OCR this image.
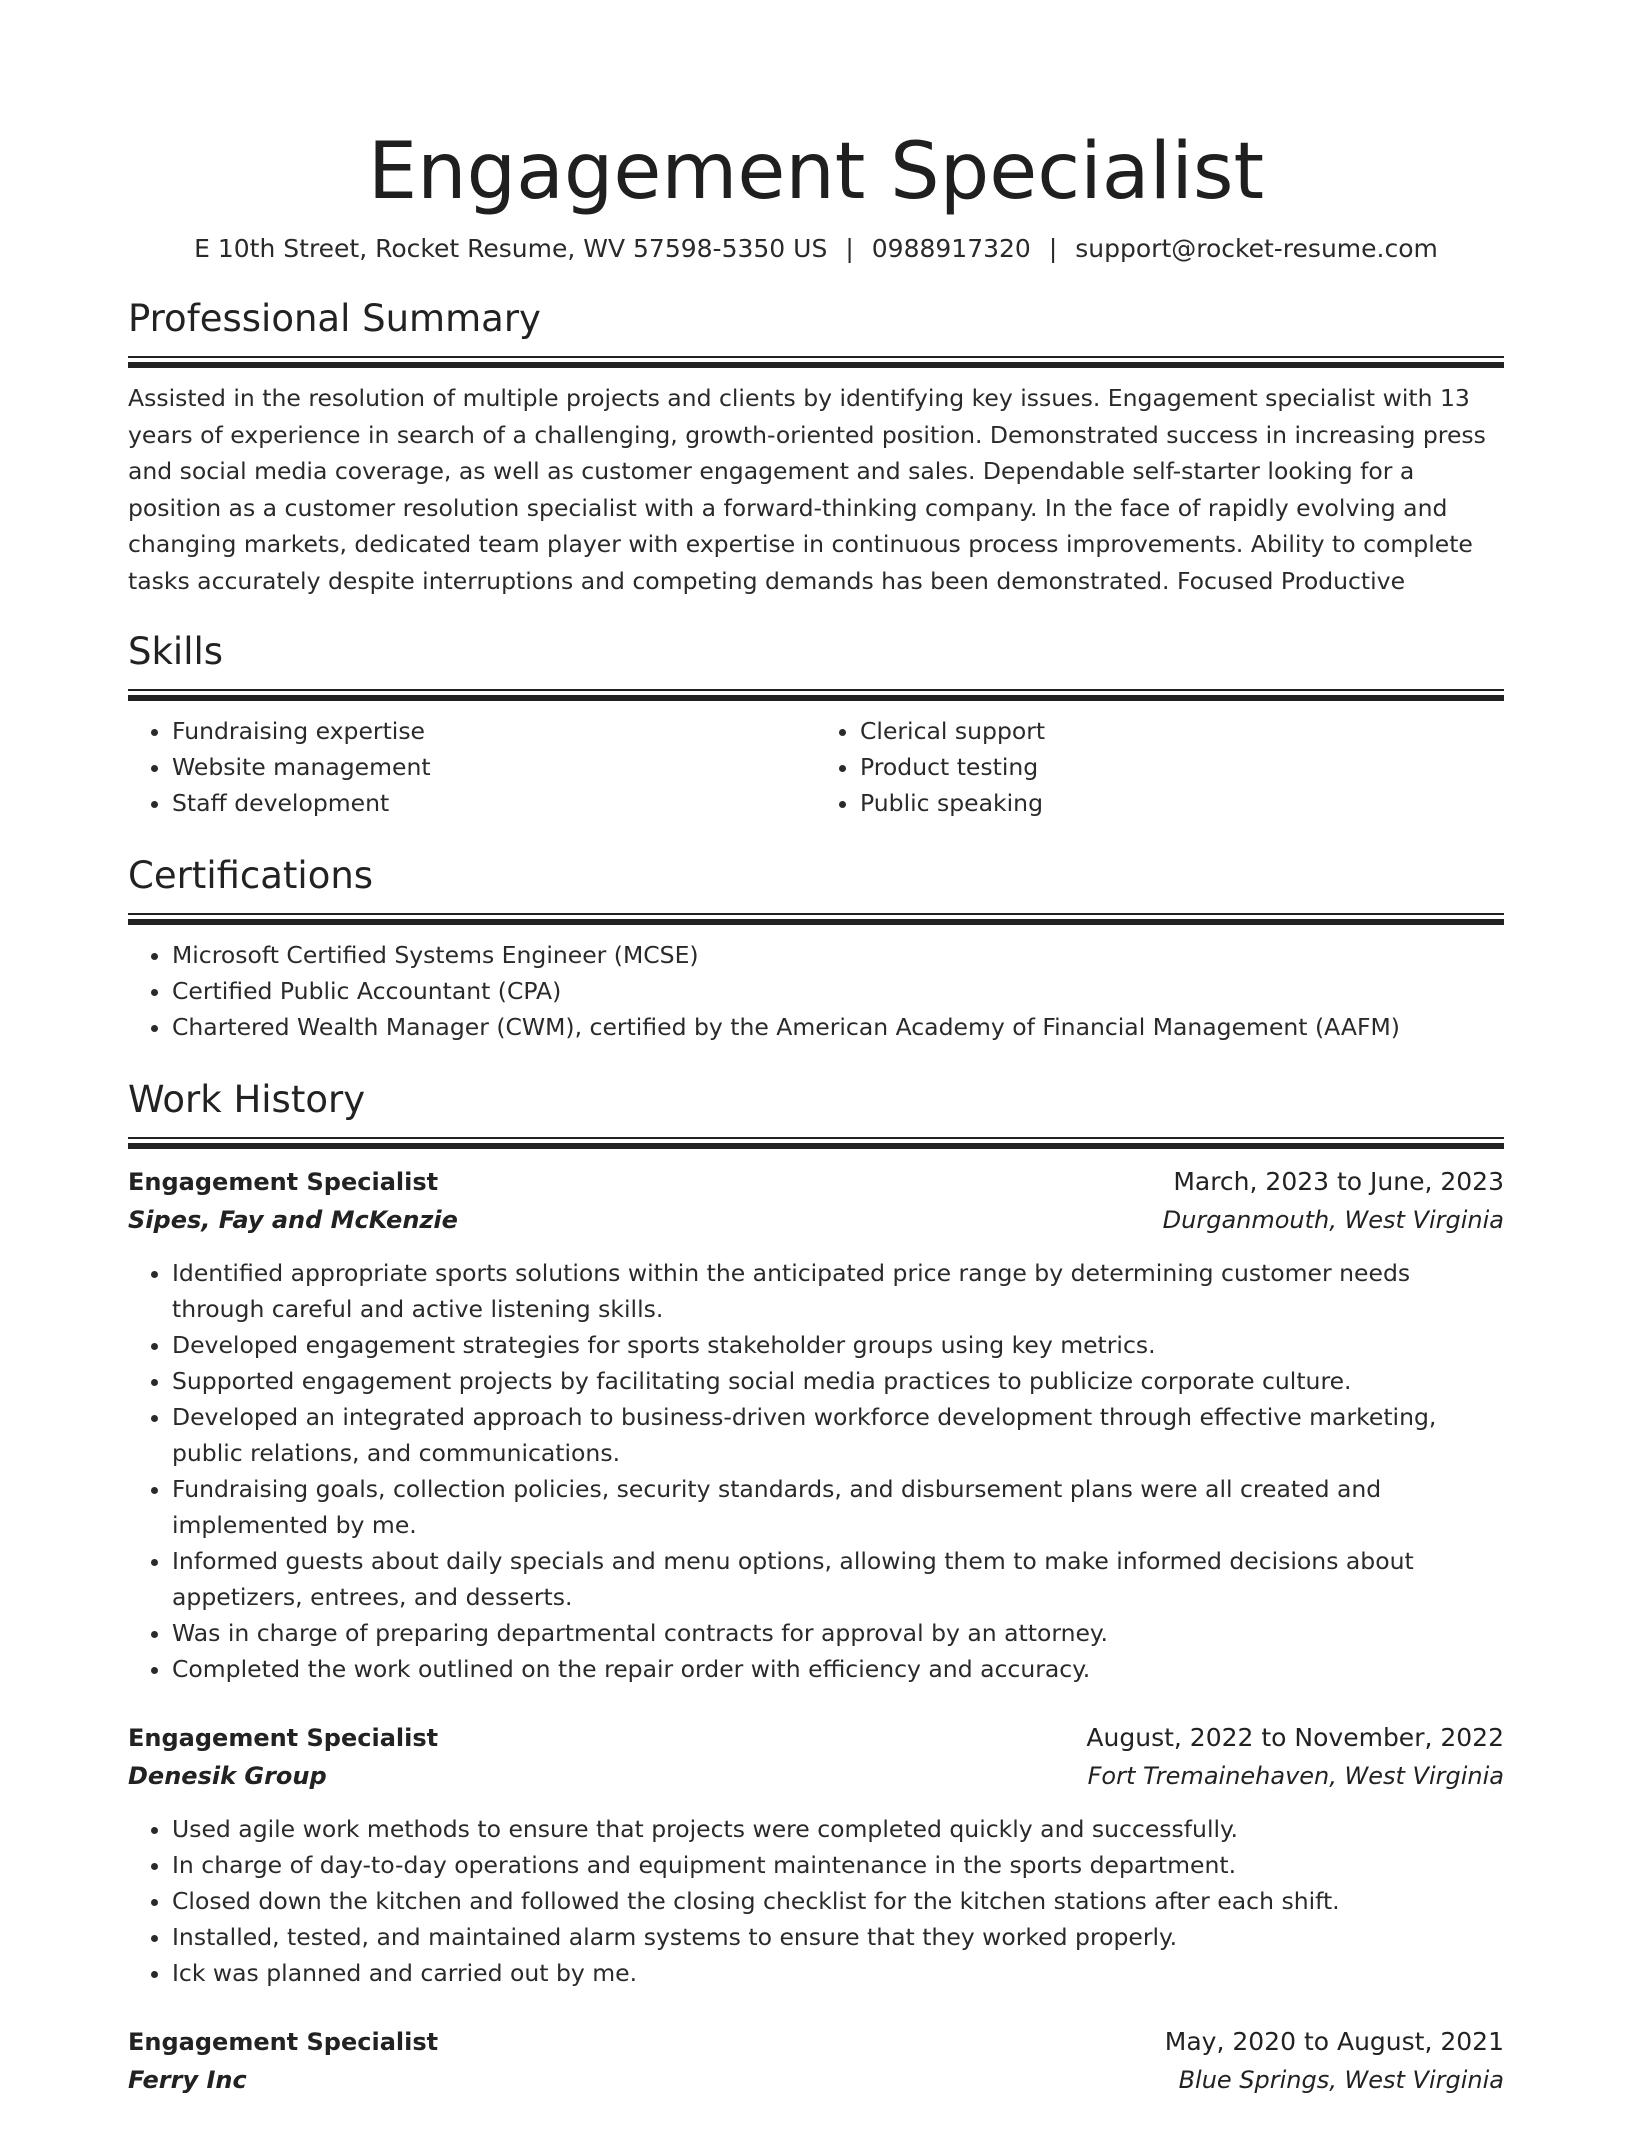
Engagement Specialist
E 10th Street, Rocket Resume, WV 57598-5350 US | 0988917320 | support@rocket-resume.com
Professional Summary

Assisted in the resolution of multiple projects and clients by identifying key issues. Engagement specialist with 13 years of experience in search of a challenging, growth-oriented position. Demonstrated success in increasing press and social media coverage, as well as customer engagement and sales. Dependable self-starter looking for a position as a customer resolution specialist with a forward-thinking company. In the face of rapidly evolving and changing markets, dedicated team player with expertise in continuous process improvements. Ability to complete tasks accurately despite interruptions and competing demands has been demonstrated. Focused Productive

Skills
• Fundraising expertise
• Website management
• Staff development
• Clerical support
• Product testing
• Public speaking
Certifications
• Microsoft Certified Systems Engineer (MCSE)
• Certified Public Accountant (CPA)
• Chartered Wealth Manager (CWM), certified by the American Academy of Financial Management (AAFM)
Work History
Engagement Specialist	March, 2023 to June, 2023
Sipes, Fay and McKenzie	Durganmouth, West Virginia
• Identified appropriate sports solutions within the anticipated price range by determining customer needs through careful and active listening skills.
• Developed engagement strategies for sports stakeholder groups using key metrics.
• Supported engagement projects by facilitating social media practices to publicize corporate culture.
• Developed an integrated approach to business-driven workforce development through effective marketing, public relations, and communications.
• Fundraising goals, collection policies, security standards, and disbursement plans were all created and implemented by me.
• Informed guests about daily specials and menu options, allowing them to make informed decisions about appetizers, entrees, and desserts.
• Was in charge of preparing departmental contracts for approval by an attorney.
• Completed the work outlined on the repair order with efficiency and accuracy.
Engagement Specialist	August, 2022 to November, 2022
Denesik Group	Fort Tremainehaven, West Virginia
• Used agile work methods to ensure that projects were completed quickly and successfully.
• In charge of day-to-day operations and equipment maintenance in the sports department.
• Closed down the kitchen and followed the closing checklist for the kitchen stations after each shift.
• Installed, tested, and maintained alarm systems to ensure that they worked properly.
• Ick was planned and carried out by me.
Engagement Specialist	May, 2020 to August, 2021
Ferry Inc	Blue Springs, West Virginia
